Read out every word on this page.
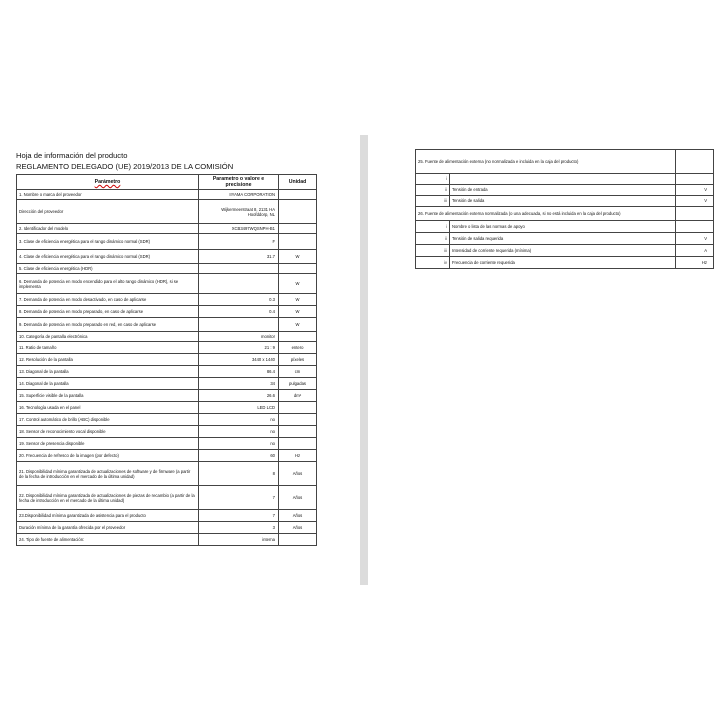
Hoja de información del producto
REGLAMENTO DELEGADO (UE) 2019/2013 DE LA COMISIÓN
Parámetro	Parametro o valore e precisione	Unidad
1. Nombre o marca del proveedor	IIYAMA CORPORATION	
Dirección del proveedor	Wijkermeerstraat 8, 2131 HA Hoofddorp, NL	
2. Identificador del modelo	XCB3497WQSNPH-B1	
3. Clase de eficiencia energética para el rango dinámico normal (SDR)	F	
4. Clase de eficiencia energética para el rango dinámico normal (SDR)	31.7	W
5. Clase de eficiencia energética (HDR)		
6. Demanda de potencia en modo encendido para el alto rango dinámico (HDR), si se implementa		W
7. Demanda de potencia en modo desactivado, en caso de aplicarse	0.3	W
8. Demanda de potencia en modo preparado, en caso de aplicarse	0.4	W
9. Demanda de potencia en modo preparado en red, en caso de aplicarse		W
10. Categoría de pantalla electrónica	monitor	
11. Ratio de tamaño	21 : 9	entero
12. Resolución de la pantalla	3440 x 1440	píxeles
13. Diagonal de la pantalla	86.4	cm
14. Diagonal de la pantalla	34	pulgadas
15. Superficie visible de la pantalla	26.6	dm²
16. Tecnología usada en el panel	LED LCD	
17. Control automático de brillo (ABC) disponible	no	
18. Sensor de reconocimiento vocal disponible	no	
19. Sensor de presencia disponible	no	
20. Frecuencia de refresco de la imagen (por defecto)	60	Hz
21. Disponibilidad mínima garantizada de actualizaciones de software y de firmware (a partir de la fecha de introducción en el mercado de la última unidad)	8	Años
22. Disponibilidad mínima garantizada de actualizaciones de piezas de recambio (a partir de la fecha de introducción en el mercado de la última unidad)	7	Años
23.Disponibilidad mínima garantizada de asistencia para el producto	7	Años
Duración mínima de la garantía ofrecida por el proveedor	3	Años
24. Tipo de fuente de alimentación:	interna	
25. Fuente de alimentación externa (no normalizada e incluida en la caja del producto)		
i		
ii	Tensión de entrada	V
iii	Tensión de salida	V
26. Fuente de alimentación externa normalizada (o una adecuada, si no está incluida en la caja del producto)		
i	Nombre o lista de las normas de apoyo	
ii	Tensión de salida requerida	V
iii	Intensidad de corriente requerida (mínima)	A
iv	Frecuencia de corriente requerida	Hz
